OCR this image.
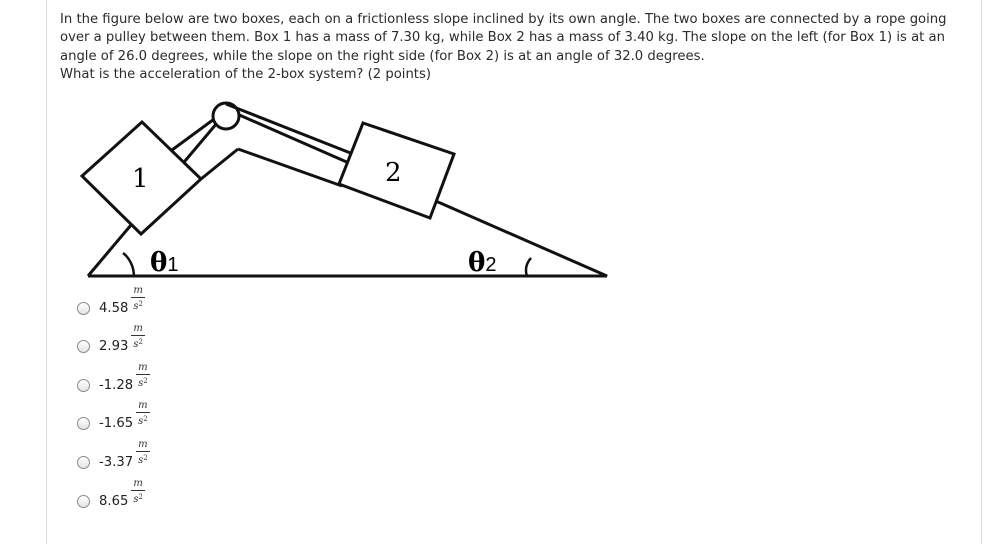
In the figure below are two boxes, each on a frictionless slope inclined by its own angle. The two boxes are connected by a rope going over a pulley between them. Box 1 has a mass of 7.30 kg, while Box 2 has a mass of 3.40 kg. The slope on the left (for Box 1) is at an angle of 26.0 degrees, while the slope on the right side (for Box 2) is at an angle of 32.0 degrees.

What is the acceleration of the 2-box system? (2 points)

1	2
θ1	θ2
$4.58 \frac{m}{s^2}$
$2.93 \frac{m}{s^2}$
$-1.28 \frac{m}{s^2}$
$-1.65 \frac{m}{s^2}$
$-3.37 \frac{m}{s^2}$
$8.65 \frac{m}{s^2}$
